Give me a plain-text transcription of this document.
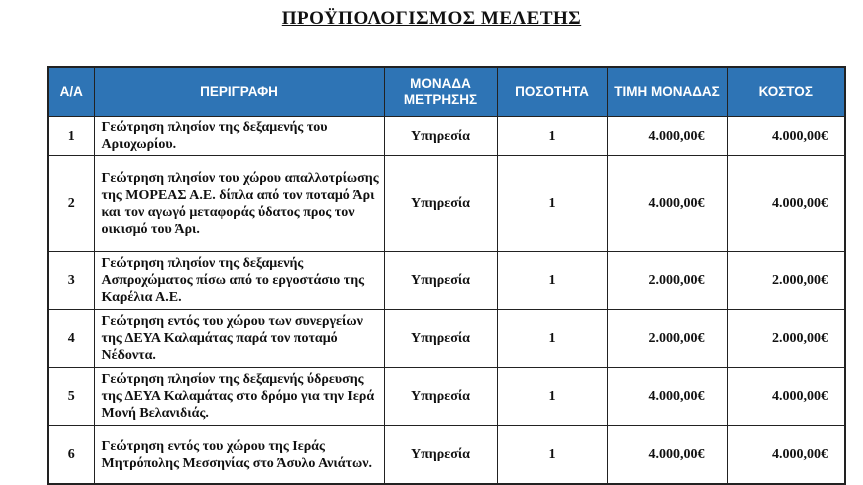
ΠΡΟΫΠΟΛΟΓΙΣΜΟΣ ΜΕΛΕΤΗΣ
Α/Α	ΠΕΡΙΓΡΑΦΗ	ΜΟΝΑΔΑ ΜΕΤΡΗΣΗΣ	ΠΟΣΟΤΗΤΑ	ΤΙΜΗ ΜΟΝΑΔΑΣ	ΚΟΣΤΟΣ
1	Γεώτρηση πλησίον της δεξαμενής του Αριοχωρίου.	Υπηρεσία	1	4.000,00€	4.000,00€
2	Γεώτρηση πλησίον του χώρου απαλλοτρίωσης της ΜΟΡΕΑΣ Α.Ε. δίπλα από τον ποταμό Άρι και τον αγωγό μεταφοράς ύδατος προς τον οικισμό του Άρι.	Υπηρεσία	1	4.000,00€	4.000,00€
3	Γεώτρηση πλησίον της δεξαμενής Ασπροχώματος πίσω από το εργοστάσιο της Καρέλια Α.Ε.	Υπηρεσία	1	2.000,00€	2.000,00€
4	Γεώτρηση εντός του χώρου των συνεργείων της ΔΕΥΑ Καλαμάτας παρά τον ποταμό Νέδοντα.	Υπηρεσία	1	2.000,00€	2.000,00€
5	Γεώτρηση πλησίον της δεξαμενής ύδρευσης της ΔΕΥΑ Καλαμάτας στο δρόμο για την Ιερά Μονή Βελανιδιάς.	Υπηρεσία	1	4.000,00€	4.000,00€
6	Γεώτρηση εντός του χώρου της Ιεράς Μητρόπολης Μεσσηνίας στο Άσυλο Ανιάτων.	Υπηρεσία	1	4.000,00€	4.000,00€
